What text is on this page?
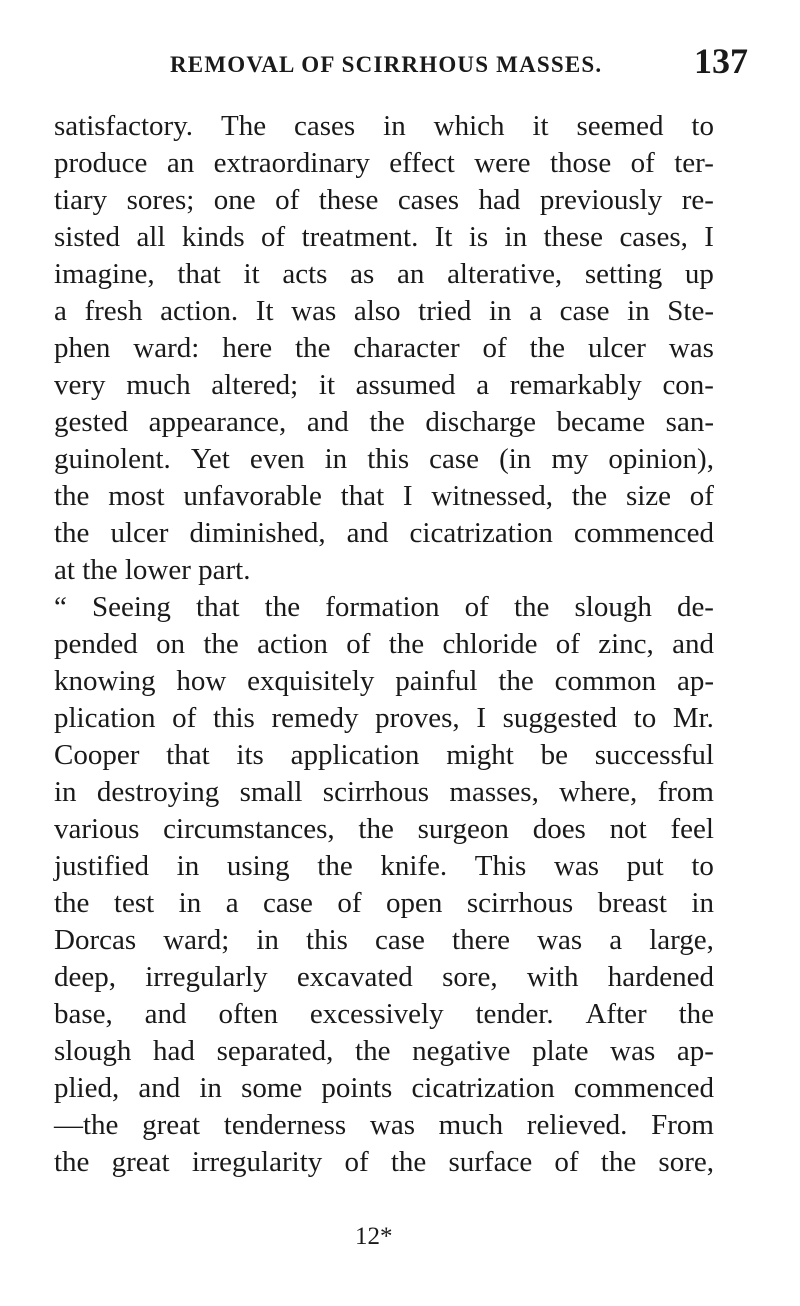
REMOVAL OF SCIRRHOUS MASSES.	137
satisfactory. The cases in which it seemed to
produce an extraordinary effect were those of ter-
tiary sores; one of these cases had previously re-
sisted all kinds of treatment. It is in these cases, I
imagine, that it acts as an alterative, setting up
a fresh action. It was also tried in a case in Ste-
phen ward: here the character of the ulcer was
very much altered; it assumed a remarkably con-
gested appearance, and the discharge became san-
guinolent. Yet even in this case (in my opinion),
the most unfavorable that I witnessed, the size of
the ulcer diminished, and cicatrization commenced
at
the
lower
part.
“ Seeing that the formation of the slough de-
pended on the action of the chloride of zinc, and
knowing how exquisitely painful the common ap-
plication of this remedy proves, I suggested to Mr.
Cooper that its application might be successful
in destroying small scirrhous masses, where, from
various circumstances, the surgeon does not feel
justified in using the knife. This was put to
the test in a case of open scirrhous breast in
Dorcas ward; in this case there was a large,
deep, irregularly excavated sore, with hardened
base, and often excessively tender. After the
slough had separated, the negative plate was ap-
plied, and in some points cicatrization commenced
—the great tenderness was much relieved. From
the great irregularity of the surface of the sore,
12*
